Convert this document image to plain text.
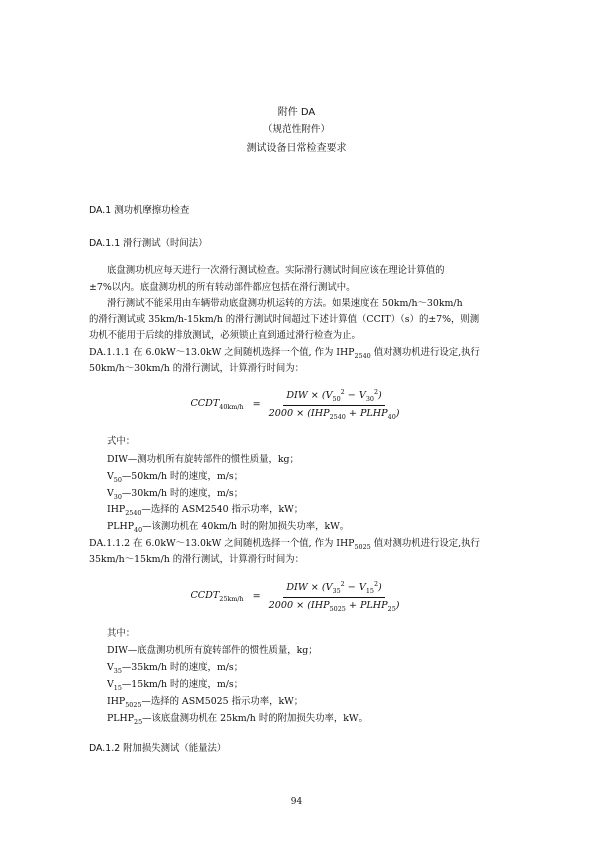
附件 DA
（规范性附件）
测试设备日常检查要求
DA.1 测功机摩擦功检查
DA.1.1 滑行测试（时间法）
底盘测功机应每天进行一次滑行测试检查。实际滑行测试时间应该在理论计算值的
±7%以内。底盘测功机的所有转动部件都应包括在滑行测试中。
滑行测试不能采用由车辆带动底盘测功机运转的方法。如果速度在 50km/h～30km/h
的滑行测试或 35km/h-15km/h 的滑行测试时间超过下述计算值（CCIT）（s）的±7%，则测
功机不能用于后续的排放测试，必须锁止直到通过滑行检查为止。
DA.1.1.1 在 6.0kW～13.0kW 之间随机选择一个值, 作为 $IHP_{2540}$ 值对测功机进行设定,执行
50km/h～30km/h 的滑行测试，计算滑行时间为：
$CCDT_{40km/h} = \frac{DIW \times (V_{50}^2 - V_{30}^2)}{2000 \times (IHP_{2540} + PLHP_{40})}$
式中：
DIW—测功机所有旋转部件的惯性质量，kg；
$V_{50}—50km/h$ 时的速度，m/s；
$V_{30}—30km/h$ 时的速度，m/s；
$IHP_{2540}—$选择的 ASM2540 指示功率，kW；
$PLHP_{40}—$该测功机在 40km/h 时的附加损失功率，kW。
DA.1.1.2 在 6.0kW～13.0kW 之间随机选择一个值, 作为 $IHP_{5025}$ 值对测功机进行设定,执行
35km/h～15km/h 的滑行测试，计算滑行时间为：
$CCDT_{25km/h} = \frac{DIW \times (V_{35}^2 - V_{15}^2)}{2000 \times (IHP_{5025} + PLHP_{25})}$
其中：
DIW—底盘测功机所有旋转部件的惯性质量，kg；
$V_{35}—35km/h$ 时的速度，m/s；
$V_{15}—15km/h$ 时的速度，m/s；
$IHP_{5025}—$选择的 ASM5025 指示功率，kW；
$PLHP_{25}—$该底盘测功机在 25km/h 时的附加损失功率，kW。
DA.1.2 附加损失测试（能量法）
94
